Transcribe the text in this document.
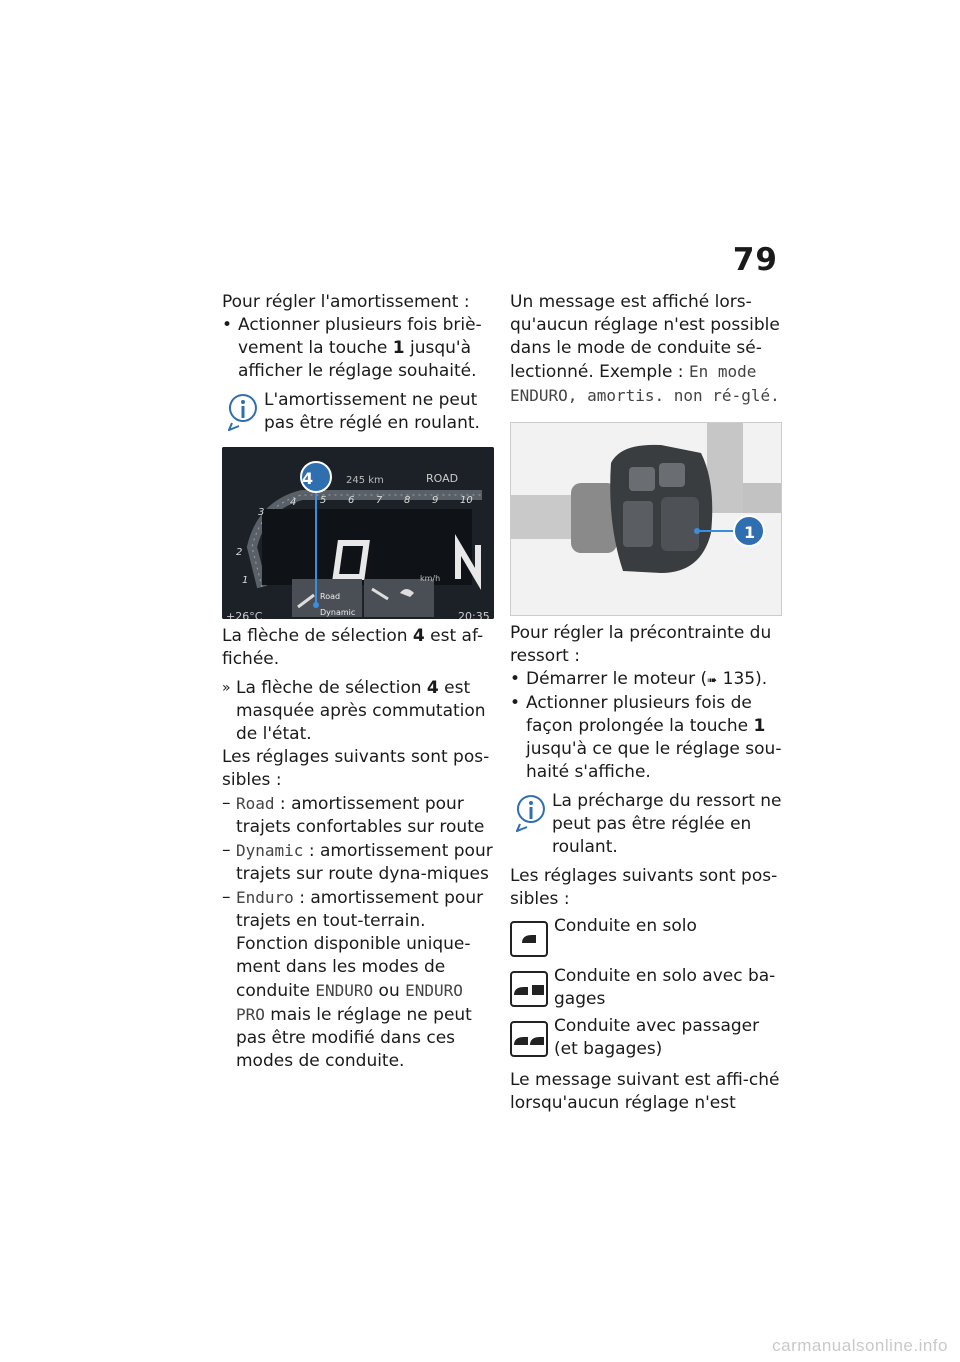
79

Pour régler l'amortissement :

• Actionner plusieurs fois briè-vement la touche 1 jusqu'à afficher le réglage souhaité.

L'amortissement ne peut pas être réglé en roulant.
4	245 km	ROAD
1
2
3
4 5 6 7 8 9 10
km/h
+26°C	20:35
Road
Dynamic

La flèche de sélection 4 est af-fichée.

» La flèche de sélection 4 est masquée après commutation de l'état.

Les réglages suivants sont pos-sibles :

– Road : amortissement pour trajets confortables sur route

– Dynamic : amortissement pour trajets sur route dyna-miques

– Enduro : amortissement pour trajets en tout-terrain. Fonction disponible unique-ment dans les modes de conduite ENDURO ou ENDURO PRO mais le réglage ne peut pas être modifié dans ces modes de conduite.

Un message est affiché lors-qu'aucun réglage n'est possible dans le mode de conduite sé-lectionné. Exemple : En mode ENDURO, amortis. non ré-glé.

1

Pour régler la précontrainte du ressort :

• Démarrer le moteur (➠ 135).

• Actionner plusieurs fois de façon prolongée la touche 1 jusqu'à ce que le réglage sou-haité s'affiche.

La précharge du ressort ne peut pas être réglée en roulant.

Les réglages suivants sont pos-sibles :

Conduite en solo
Conduite en solo avec ba-gages
Conduite avec passager (et bagages)

Le message suivant est affi-ché lorsqu'aucun réglage n'est

carmanualsonline.info
